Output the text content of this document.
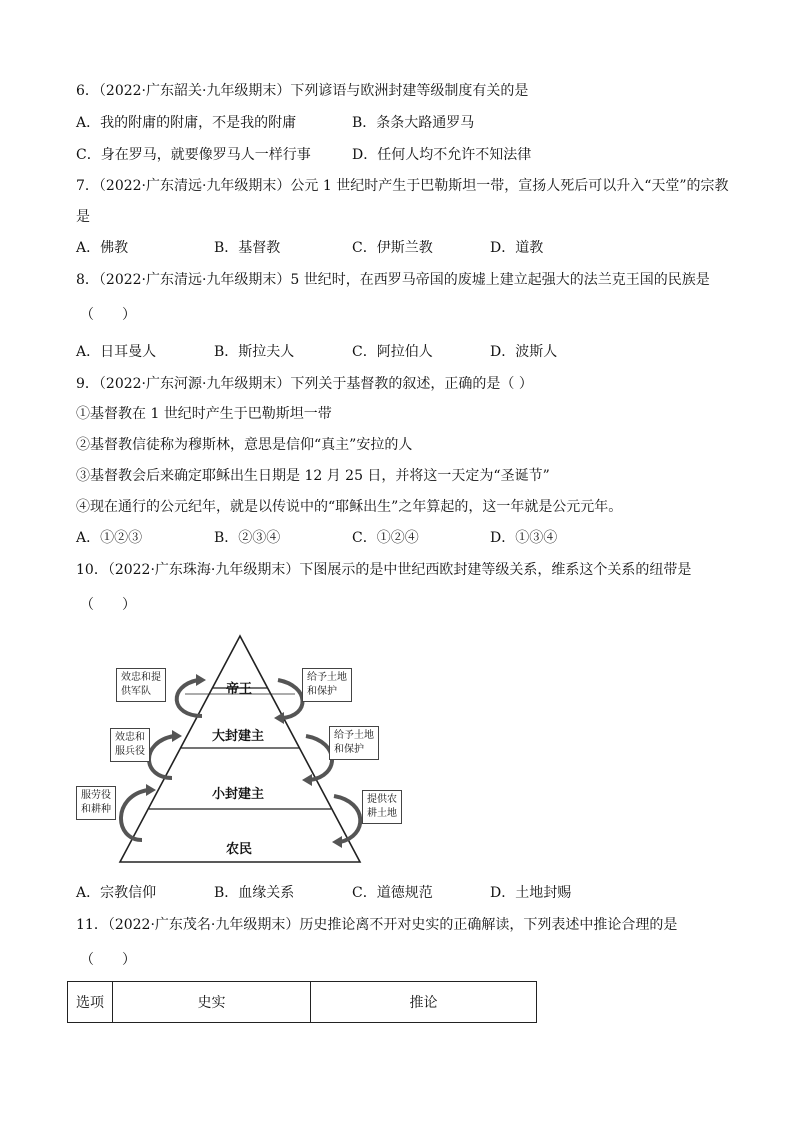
6．（2022·广东韶关·九年级期末）下列谚语与欧洲封建等级制度有关的是
A．我的附庸的附庸，不是我的附庸	B．条条大路通罗马
C．身在罗马，就要像罗马人一样行事	D．任何人均不允许不知法律
7．（2022·广东清远·九年级期末）公元 1 世纪时产生于巴勒斯坦一带，宣扬人死后可以升入“天堂”的宗教
是
A．佛教	B．基督教	C．伊斯兰教	D．道教
8．（2022·广东清远·九年级期末）5 世纪时，在西罗马帝国的废墟上建立起强大的法兰克王国的民族是
（　　）
A．日耳曼人	B．斯拉夫人	C．阿拉伯人	D．波斯人
9．（2022·广东河源·九年级期末）下列关于基督教的叙述，正确的是（ ）
①基督教在 1 世纪时产生于巴勒斯坦一带
②基督教信徒称为穆斯林，意思是信仰“真主”安拉的人
③基督教会后来确定耶稣出生日期是 12 月 25 日，并将这一天定为“圣诞节”
④现在通行的公元纪年，就是以传说中的“耶稣出生”之年算起的，这一年就是公元元年。
A．①②③	B．②③④	C．①②④	D．①③④
10．（2022·广东珠海·九年级期末）下图展示的是中世纪西欧封建等级关系，维系这个关系的纽带是
（　　）
帝王
大封建主
小封建主
农民
效忠和提
供军队
效忠和
服兵役
服劳役
和耕种
给予土地
和保护
给予土地
和保护
提供农
耕土地
A．宗教信仰	B．血缘关系	C．道德规范	D．土地封赐
11．（2022·广东茂名·九年级期末）历史推论离不开对史实的正确解读，下列表述中推论合理的是
（　　）
选项	史实	推论
